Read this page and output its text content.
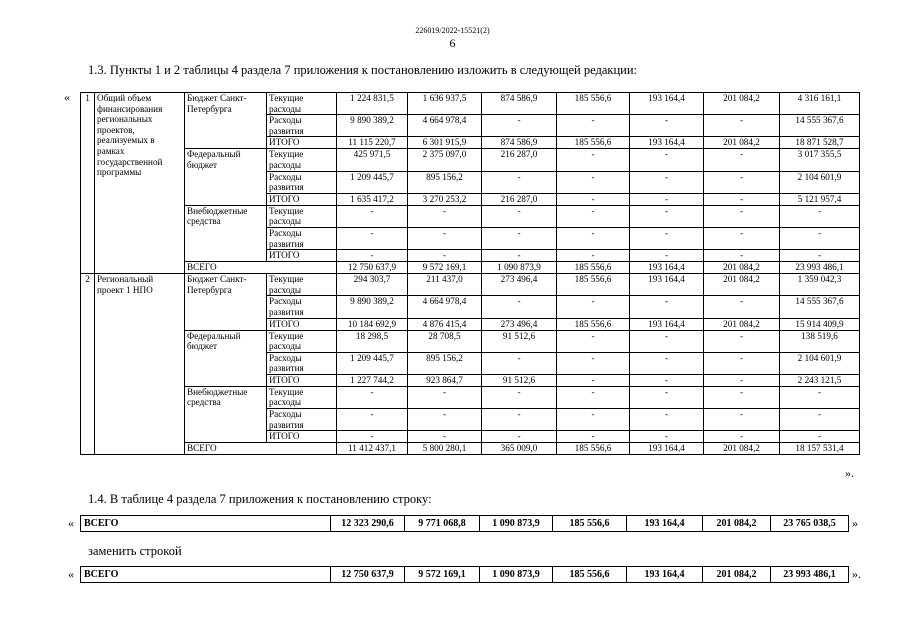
226019/2022-15521(2)
6
1.3. Пункты 1 и 2 таблицы 4 раздела 7 приложения к постановлению изложить в следующей редакции:
« 1	Общий объем финансирования региональных проектов, реализуемых в рамках государственной программы	Бюджет Санкт-Петербурга	Текущие расходы	1 224 831,5	1 636 937,5	874 586,9	185 556,6	193 164,4	201 084,2	4 316 161,1
			Расходы развития	9 890 389,2	4 664 978,4	-	-	-	-	14 555 367,6
			ИТОГО	11 115 220,7	6 301 915,9	874 586,9	185 556,6	193 164,4	201 084,2	18 871 528,7
		Федеральный бюджет	Текущие расходы	425 971,5	2 375 097,0	216 287,0	-	-	-	3 017 355,5
			Расходы развития	1 209 445,7	895 156,2	-	-	-	-	2 104 601,9
			ИТОГО	1 635 417,2	3 270 253,2	216 287,0	-	-	-	5 121 957,4
		Внебюджетные средства	Текущие расходы	-	-	-	-	-	-	-
			Расходы развития	-	-	-	-	-	-	-
			ИТОГО	-	-	-	-	-	-	-
		ВСЕГО		12 750 637,9	9 572 169,1	1 090 873,9	185 556,6	193 164,4	201 084,2	23 993 486,1
2	Региональный проект 1 НПО	Бюджет Санкт-Петербурга	Текущие расходы	294 303,7	211 437,0	273 496,4	185 556,6	193 164,4	201 084,2	1 359 042,3
			Расходы развития	9 890 389,2	4 664 978,4	-	-	-	-	14 555 367,6
			ИТОГО	10 184 692,9	4 876 415,4	273 496,4	185 556,6	193 164,4	201 084,2	15 914 409,9
		Федеральный бюджет	Текущие расходы	18 298,5	28 708,5	91 512,6	-	-	-	138 519,6
			Расходы развития	1 209 445,7	895 156,2	-	-	-	-	2 104 601,9
			ИТОГО	1 227 744,2	923 864,7	91 512,6	-	-	-	2 243 121,5
		Внебюджетные средства	Текущие расходы	-	-	-	-	-	-	-
			Расходы развития	-	-	-	-	-	-	-
			ИТОГО	-	-	-	-	-	-	-
		ВСЕГО		11 412 437,1	5 800 280,1	365 009,0	185 556,6	193 164,4	201 084,2	18 157 531,4
».
1.4. В таблице 4 раздела 7 приложения к постановлению строку:
« ВСЕГО	12 323 290,6	9 771 068,8	1 090 873,9	185 556,6	193 164,4	201 084,2	23 765 038,5 »
заменить строкой
« ВСЕГО	12 750 637,9	9 572 169,1	1 090 873,9	185 556,6	193 164,4	201 084,2	23 993 486,1 ».
